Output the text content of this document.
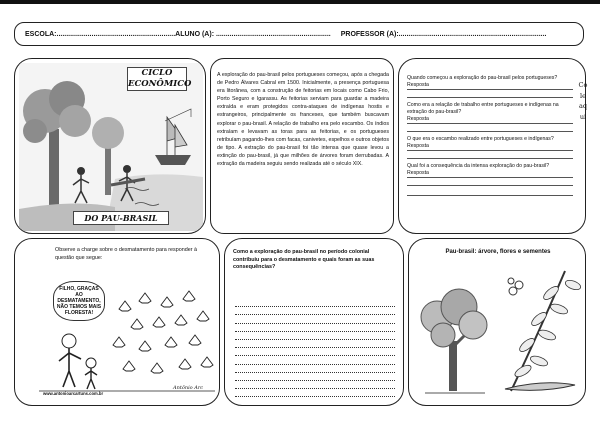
ESCOLA:............................................................. ALUNO (A): ........................................................... PROFESSOR (A):............................................................................
CICLO
ECONÔMICO
DO PAU-BRASIL

A exploração do pau-brasil pelos portugueses começou, após a chegada de Pedro Álvares Cabral em 1500. Inicialmente, a presença portuguesa era litorânea, com a construção de feitorias em locais como Cabo Frio, Porto Seguro e Igarassu. As feitorias serviam para guardar a madeira extraída e eram protegidos contra-ataques de indígenas hostis e estrangeiros, principalmente os franceses, que também buscavam explorar o pau-brasil. A relação de trabalho era pelo escambo. Os índios extraíam e levavam as toras para as feitorias, e os portugueses retribuíam pagando-lhes com facas, canivetes, espelhos e outros objetos de tipo. A extração do pau-brasil foi tão intensa que quase levou a extinção do pau-brasil, já que milhões de árvores foram derrubadas. A extração da madeira seguiu sendo realizada até o século XIX.

Quando começou a exploração do pau-brasil pelos portugueses?
Resposta
Como era a relação de trabalho entre portugueses e indígenas na extração do pau-brasil?
Resposta
O que era o escambo realizado entre portugueses e indígenas?
Resposta
Qual foi a consequência da intensa exploração do pau-brasil?
Resposta
Cole aqui
Observe a charge sobre o desmatamento para responder à questão que segue:
FILHO, GRAÇAS AO DESMATAMENTO, NÃO TEMOS MAIS FLORESTA!
www.antonioarcartuns.com.br
Antônio Arc
Como a exploração do pau-brasil no período colonial contribuiu para o desmatamento e quais foram as suas consequências?
Pau-brasil: árvore, flores e sementes
